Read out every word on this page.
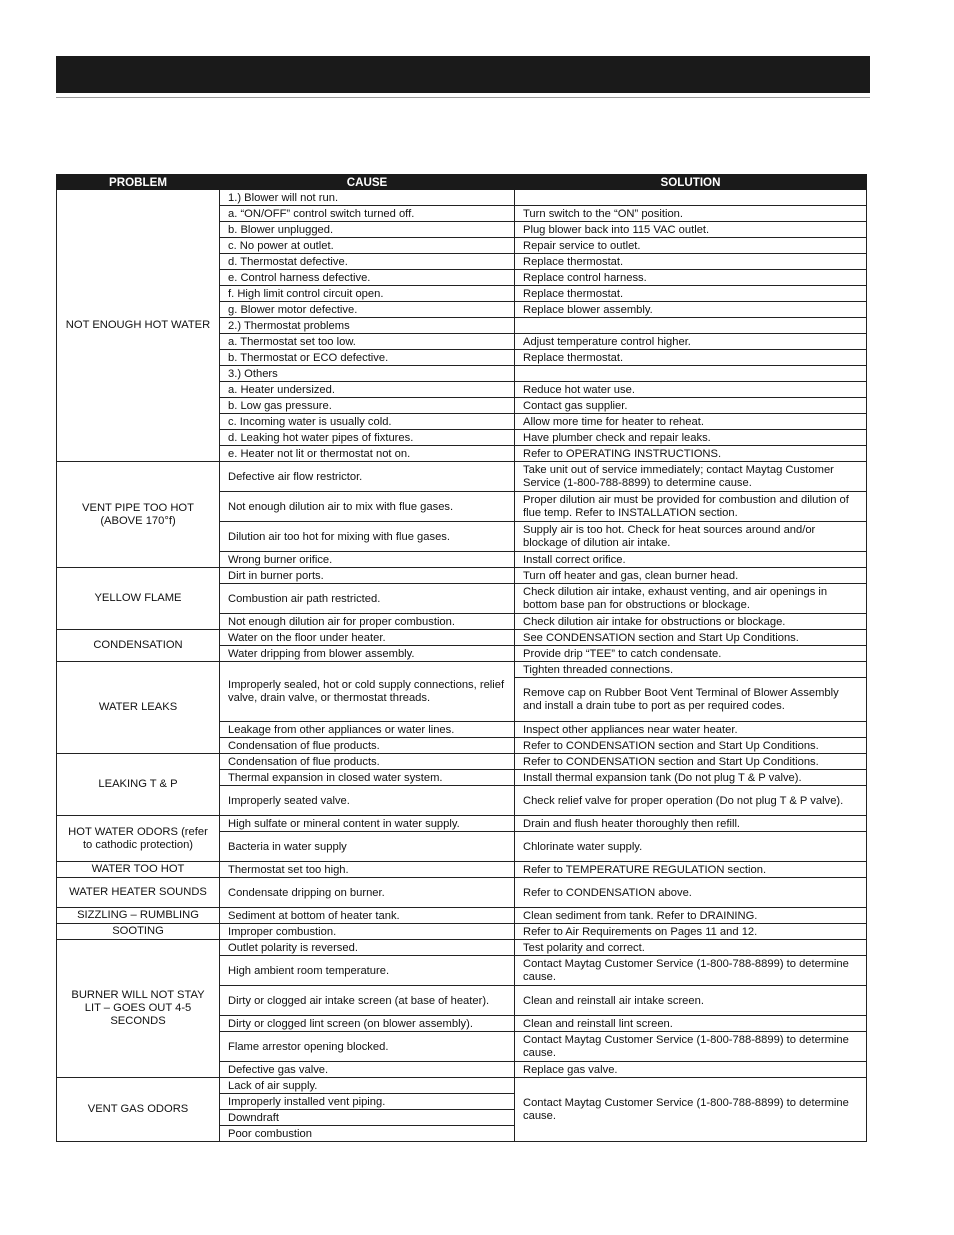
PROBLEM	CAUSE	SOLUTION
NOT ENOUGH HOT WATER	1.) Blower will not run.	
	a. “ON/OFF” control switch turned off.	Turn switch to the “ON” position.
	b. Blower unplugged.	Plug blower back into 115 VAC outlet.
	c. No power at outlet.	Repair service to outlet.
	d. Thermostat defective.	Replace thermostat.
	e. Control harness defective.	Replace control harness.
	f. High limit control circuit open.	Replace thermostat.
	g. Blower motor defective.	Replace blower assembly.
	2.) Thermostat problems	
	a. Thermostat set too low.	Adjust temperature control higher.
	b. Thermostat or ECO defective.	Replace thermostat.
	3.) Others	
	a. Heater undersized.	Reduce hot water use.
	b. Low gas pressure.	Contact gas supplier.
	c. Incoming water is usually cold.	Allow more time for heater to reheat.
	d. Leaking hot water pipes of fixtures.	Have plumber check and repair leaks.
	e. Heater not lit or thermostat not on.	Refer to OPERATING INSTRUCTIONS.
VENT PIPE TOO HOT (ABOVE 170°f)	Defective air flow restrictor.	Take unit out of service immediately; contact Maytag Customer Service (1-800-788-8899) to determine cause.
	Not enough dilution air to mix with flue gases.	Proper dilution air must be provided for combustion and dilution of flue temp. Refer to INSTALLATION section.
	Dilution air too hot for mixing with flue gases.	Supply air is too hot. Check for heat sources around and/or blockage of dilution air intake.
	Wrong burner orifice.	Install correct orifice.
YELLOW FLAME	Dirt in burner ports.	Turn off heater and gas, clean burner head.
	Combustion air path restricted.	Check dilution air intake, exhaust venting, and air openings in bottom base pan for obstructions or blockage.
	Not enough dilution air for proper combustion.	Check dilution air intake for obstructions or blockage.
CONDENSATION	Water on the floor under heater.	See CONDENSATION section and Start Up Conditions.
	Water dripping from blower assembly.	Provide drip “TEE” to catch condensate.
WATER LEAKS	Improperly sealed, hot or cold supply connections, relief valve, drain valve, or thermostat threads.	Tighten threaded connections.
		Remove cap on Rubber Boot Vent Terminal of Blower Assembly and install a drain tube to port as per required codes.
	Leakage from other appliances or water lines.	Inspect other appliances near water heater.
	Condensation of flue products.	Refer to CONDENSATION section and Start Up Conditions.
LEAKING T & P	Condensation of flue products.	Refer to CONDENSATION section and Start Up Conditions.
	Thermal expansion in closed water system.	Install thermal expansion tank (Do not plug T & P valve).
	Improperly seated valve.	Check relief valve for proper operation (Do not plug T & P valve).
HOT WATER ODORS (refer to cathodic protection)	High sulfate or mineral content in water supply.	Drain and flush heater thoroughly then refill.
	Bacteria in water supply	Chlorinate water supply.
WATER TOO HOT	Thermostat set too high.	Refer to TEMPERATURE REGULATION section.
WATER HEATER SOUNDS	Condensate dripping on burner.	Refer to CONDENSATION above.
SIZZLING – RUMBLING	Sediment at bottom of heater tank.	Clean sediment from tank. Refer to DRAINING.
SOOTING	Improper combustion.	Refer to Air Requirements on Pages 11 and 12.
BURNER WILL NOT STAY LIT – GOES OUT 4-5 SECONDS	Outlet polarity is reversed.	Test polarity and correct.
	High ambient room temperature.	Contact Maytag Customer Service (1-800-788-8899) to determine cause.
	Dirty or clogged air intake screen (at base of heater).	Clean and reinstall air intake screen.
	Dirty or clogged lint screen (on blower assembly).	Clean and reinstall lint screen.
	Flame arrestor opening blocked.	Contact Maytag Customer Service (1-800-788-8899) to determine cause.
	Defective gas valve.	Replace gas valve.
VENT GAS ODORS	Lack of air supply.	Contact Maytag Customer Service (1-800-788-8899) to determine cause.
	Improperly installed vent piping.	
	Downdraft	
	Poor combustion	
